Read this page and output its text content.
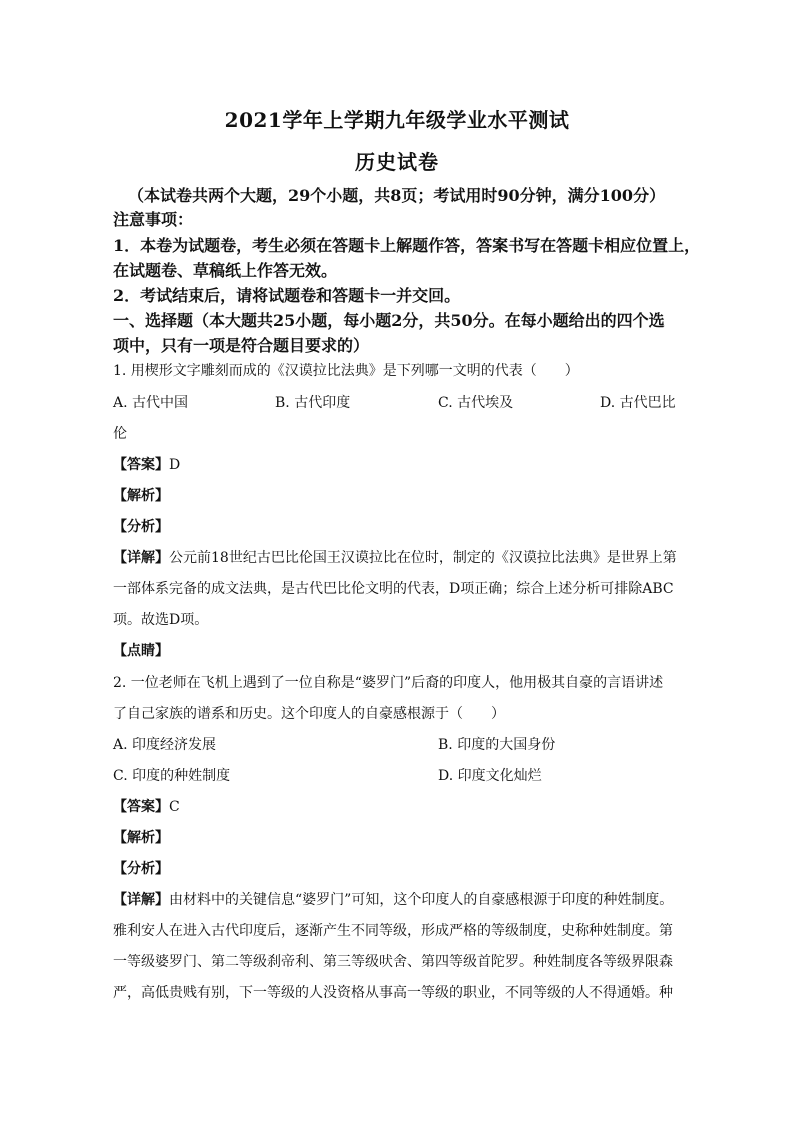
2021学年上学期九年级学业水平测试
历史试卷
（本试卷共两个大题，29个小题，共8页；考试用时90分钟，满分100分）
注意事项：
1．本卷为试题卷，考生必须在答题卡上解题作答，答案书写在答题卡相应位置上，
在试题卷、草稿纸上作答无效。
2．考试结束后，请将试题卷和答题卡一并交回。
一、选择题（本大题共25小题，每小题2分，共50分。在每小题给出的四个选
项中，只有一项是符合题目要求的）
1. 用楔形文字雕刻而成的《汉谟拉比法典》是下列哪一文明的代表（　　）
A. 古代中国	B. 古代印度	C. 古代埃及	D. 古代巴比
伦
【答案】D
【解析】
【分析】
【详解】公元前18世纪古巴比伦国王汉谟拉比在位时，制定的《汉谟拉比法典》是世界上第
一部体系完备的成文法典，是古代巴比伦文明的代表，D项正确；综合上述分析可排除ABC
项。故选D项。
【点睛】
2. 一位老师在飞机上遇到了一位自称是“婆罗门”后裔的印度人，他用极其自豪的言语讲述
了自己家族的谱系和历史。这个印度人的自豪感根源于（　　）
A. 印度经济发展	B. 印度的大国身份
C. 印度的种姓制度	D. 印度文化灿烂
【答案】C
【解析】
【分析】
【详解】由材料中的关键信息“婆罗门”可知，这个印度人的自豪感根源于印度的种姓制度。
雅利安人在进入古代印度后，逐渐产生不同等级，形成严格的等级制度，史称种姓制度。第
一等级婆罗门、第二等级刹帝利、第三等级吠舍、第四等级首陀罗。种姓制度各等级界限森
严，高低贵贱有别，下一等级的人没资格从事高一等级的职业，不同等级的人不得通婚。种
